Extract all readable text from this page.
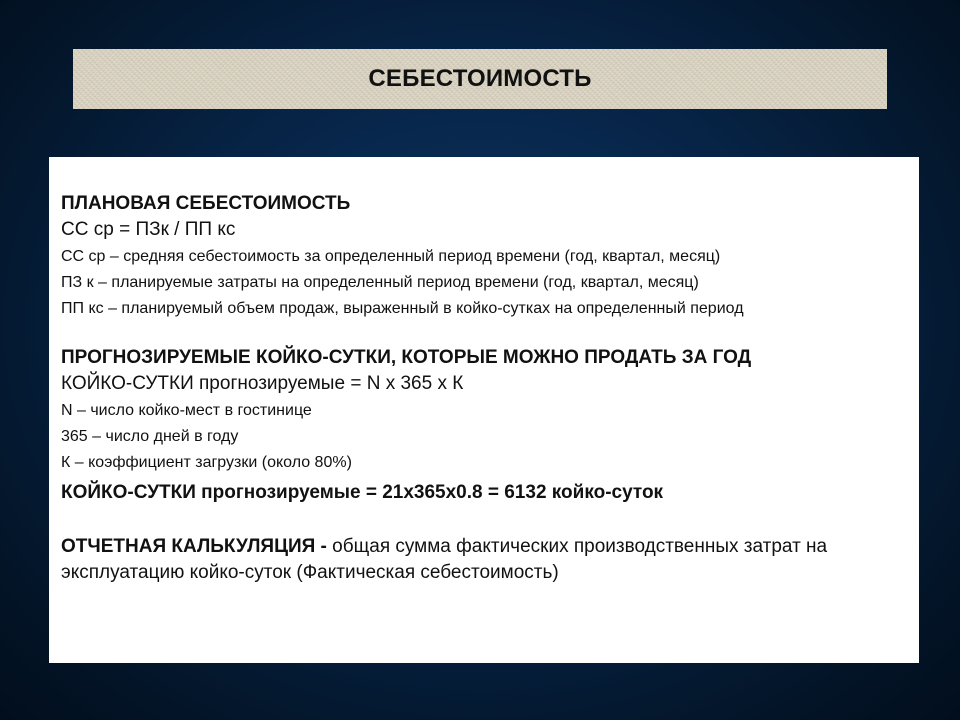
СЕБЕСТОИМОСТЬ
ПЛАНОВАЯ СЕБЕСТОИМОСТЬ
СС ср = ПЗк / ПП кс
СС ср – средняя себестоимость за определенный период времени (год, квартал, месяц)
ПЗ к – планируемые затраты на определенный период времени (год, квартал, месяц)
ПП кс – планируемый объем продаж, выраженный в койко-сутках на определенный период
ПРОГНОЗИРУЕМЫЕ КОЙКО-СУТКИ, КОТОРЫЕ МОЖНО ПРОДАТЬ ЗА ГОД
КОЙКО-СУТКИ прогнозируемые = N х 365 х К
N – число койко-мест в гостинице
365 – число дней в году
К – коэффициент загрузки (около 80%)
КОЙКО-СУТКИ прогнозируемые = 21х365х0.8 = 6132 койко-суток
ОТЧЕТНАЯ КАЛЬКУЛЯЦИЯ - общая сумма фактических производственных затрат на эксплуатацию койко-суток (Фактическая себестоимость)
